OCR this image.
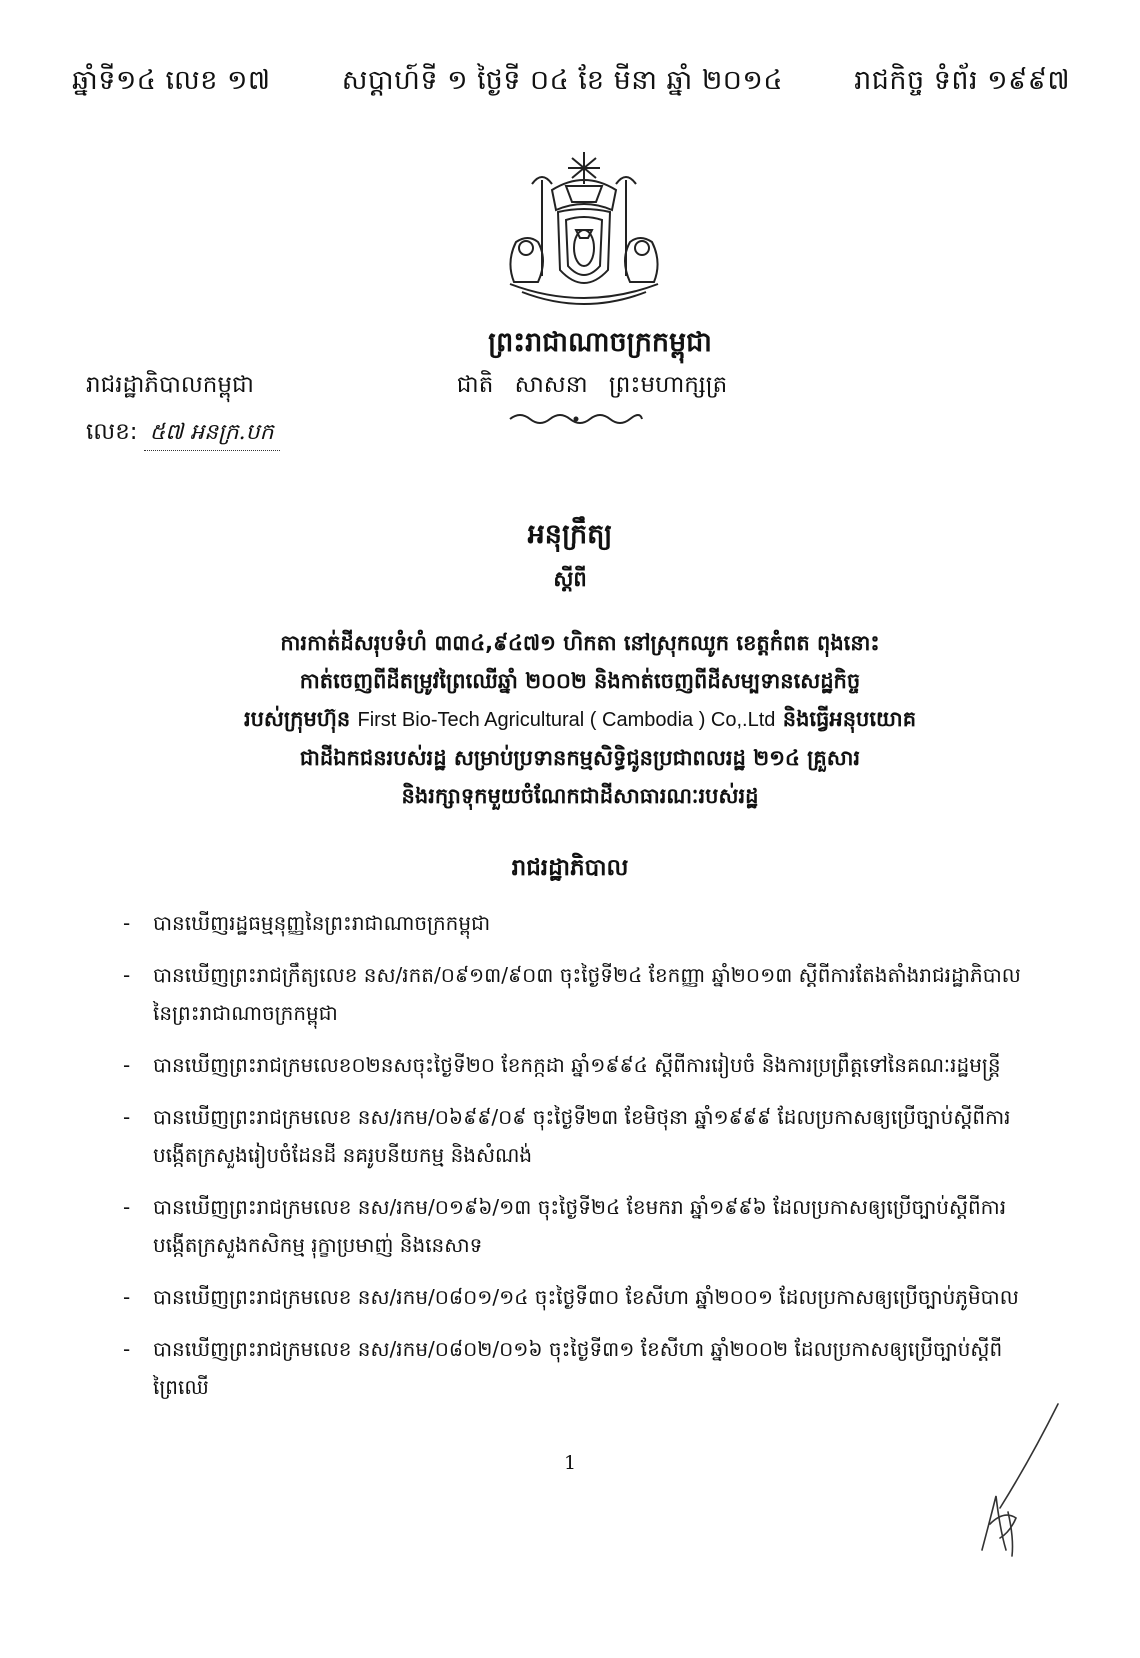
ឆ្នាំទី១៤ លេខ ១៧	សប្តាហ៍ទី ១ ថ្ងៃទី ០៤ ខែ មីនា ឆ្នាំ ២០១៤	រាជកិច្ច ទំព័រ ១៩៩៧
ព្រះរាជាណាចក្រកម្ពុជា
ជាតិ សាសនា ព្រះមហាក្សត្រ
រាជរដ្ឋាភិបាលកម្ពុជា
លេខ: ៥៧ អនក្រ.បក
អនុក្រឹត្យ
ស្តីពី
ការកាត់ដីសរុបទំហំ ៣៣៤,៩៤៧១ ហិកតា នៅស្រុកឈូក ខេត្តកំពត ពុងនោះ
កាត់ចេញពីដីតម្រូវព្រៃឈើឆ្នាំ ២០០២ និងកាត់ចេញពីដីសម្បទានសេដ្ឋកិច្ច
របស់ក្រុមហ៊ុន First Bio-Tech Agricultural ( Cambodia ) Co,.Ltd និងធ្វើអនុបយោគ
ជាដីឯកជនរបស់រដ្ឋ សម្រាប់ប្រទានកម្មសិទ្ធិជូនប្រជាពលរដ្ឋ ២១៤ គ្រួសារ
និងរក្សាទុកមួយចំណែកជាដីសាធារណៈរបស់រដ្ឋ
រាជរដ្ឋាភិបាល
- បានឃើញរដ្ឋធម្មនុញ្ញនៃព្រះរាជាណាចក្រកម្ពុជា
- បានឃើញព្រះរាជក្រឹត្យលេខ នស/រកត/០៩១៣/៩០៣ ចុះថ្ងៃទី២៤ ខែកញ្ញា ឆ្នាំ២០១៣ ស្តីពីការតែងតាំងរាជរដ្ឋាភិបាលនៃព្រះរាជាណាចក្រកម្ពុជា
- បានឃើញព្រះរាជក្រមលេខ០២នសចុះថ្ងៃទី២០ ខែកក្កដា ឆ្នាំ១៩៩៤ ស្តីពីការរៀបចំ និងការប្រព្រឹត្តទៅនៃគណៈរដ្ឋមន្ត្រី
- បានឃើញព្រះរាជក្រមលេខ នស/រកម/០៦៩៩/០៩ ចុះថ្ងៃទី២៣ ខែមិថុនា ឆ្នាំ១៩៩៩ ដែលប្រកាសឲ្យប្រើច្បាប់ស្តីពីការបង្កើតក្រសួងរៀបចំដែនដី នគរូបនីយកម្ម និងសំណង់
- បានឃើញព្រះរាជក្រមលេខ នស/រកម/០១៩៦/១៣ ចុះថ្ងៃទី២៤ ខែមករា ឆ្នាំ១៩៩៦ ដែលប្រកាសឲ្យប្រើច្បាប់ស្តីពីការបង្កើតក្រសួងកសិកម្ម រុក្ខាប្រមាញ់ និងនេសាទ
- បានឃើញព្រះរាជក្រមលេខ នស/រកម/០៨០១/១៤ ចុះថ្ងៃទី៣០ ខែសីហា ឆ្នាំ២០០១ ដែលប្រកាសឲ្យប្រើច្បាប់ភូមិបាល
- បានឃើញព្រះរាជក្រមលេខ នស/រកម/០៨០២/០១៦ ចុះថ្ងៃទី៣១ ខែសីហា ឆ្នាំ២០០២ ដែលប្រកាសឲ្យប្រើច្បាប់ស្តីពីព្រៃឈើ
1
